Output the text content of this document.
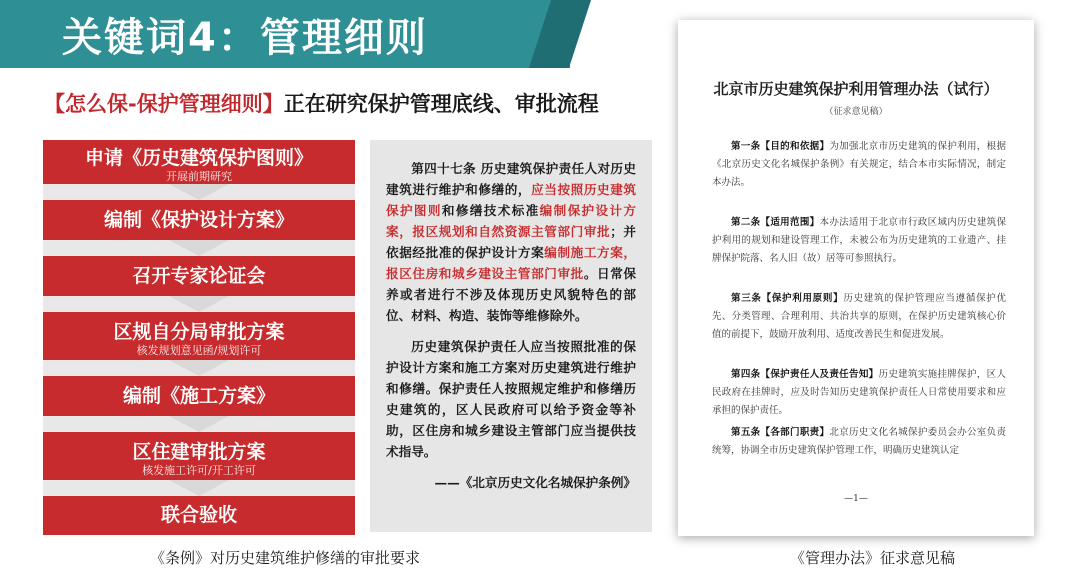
关键词4：管理细则
【怎么保-保护管理细则】正在研究保护管理底线、审批流程
申请《历史建筑保护图则》
开展前期研究
编制《保护设计方案》
召开专家论证会
区规自分局审批方案
核发规划意见函/规划许可
编制《施工方案》
区住建审批方案
核发施工许可/开工许可
联合验收

第四十七条 历史建筑保护责任人对历史建筑进行维护和修缮的，应当按照历史建筑保护图则和修缮技术标准编制保护设计方案，报区规划和自然资源主管部门审批；并依据经批准的保护设计方案编制施工方案，报区住房和城乡建设主管部门审批。日常保养或者进行不涉及体现历史风貌特色的部位、材料、构造、装饰等维修除外。

历史建筑保护责任人应当按照批准的保护设计方案和施工方案对历史建筑进行维护和修缮。保护责任人按照规定维护和修缮历史建筑的，区人民政府可以给予资金等补助，区住房和城乡建设主管部门应当提供技术指导。

——《北京历史文化名城保护条例》
《条例》对历史建筑维护修缮的审批要求
北京市历史建筑保护利用管理办法（试行）
（征求意见稿）
第一条【目的和依据】为加强北京市历史建筑的保护利用，根据《北京历史文化名城保护条例》有关规定，结合本市实际情况，制定本办法。
第二条【适用范围】本办法适用于北京市行政区域内历史建筑保护利用的规划和建设管理工作，未被公布为历史建筑的工业遗产、挂牌保护院落、名人旧（故）居等可参照执行。
第三条【保护利用原则】历史建筑的保护管理应当遵循保护优先、分类管理、合理利用、共治共享的原则，在保护历史建筑核心价值的前提下，鼓励开放利用、适度改善民生和促进发展。
第四条【保护责任人及责任告知】历史建筑实施挂牌保护，区人民政府在挂牌时，应及时告知历史建筑保护责任人日常使用要求和应承担的保护责任。
第五条【各部门职责】北京历史文化名城保护委员会办公室负责统筹，协调全市历史建筑保护管理工作，明确历史建筑认定
—1—
《管理办法》征求意见稿
